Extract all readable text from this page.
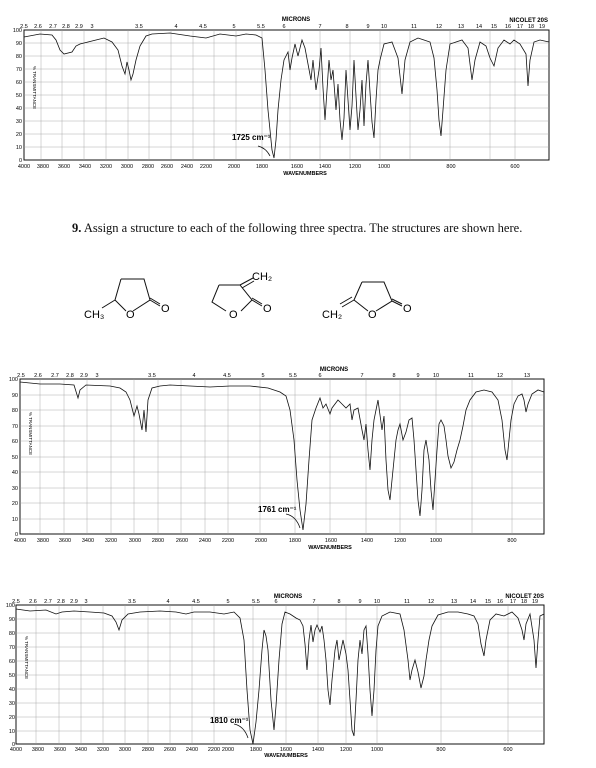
MICRONS	NICOLET 20S
2.5 2.6 2.7 2.8 2.9 3	3.5	4	4.5	5	5.5	6	7	8	9 10	11	12	13 14 15 16 17 18 19
100
90
80
70
60
50
40
30
20
10
0
% TRANSMITTANCE
4000 3800 3600 3400 3200 3000 2800 2600 2400 2200	2000	1800	1600	1400	1200	1000	800	600
WAVENUMBERS
1725 cm⁻¹
9. Assign a structure to each of the following three spectra. The structures are shown here.
CH₃ O O
CH₂
O O	CH₂ O O
MICRONS
2.5 2.6 2.7 2.8 2.9 3	3.5	4	4.5	5	5.5	6	7	8	9 10	11	12	13
100
90
80
70
60
50
40
30
20
10
0
% TRANSMITTANCE
4000 3800 3600 3400 3200 3000 2800 2600 2400 2200	2000	1800	1600	1400	1200	1000	800
WAVENUMBERS
1761 cm⁻¹
MICRONS	NICOLET 20S
2.5 2.6 2.7 2.8 2.9 3	3.5	4	4.5	5	5.5	6	7	8	9 10	11	12	13 14 15 16 17 18 19
100
90
80
70
60
50
40
30
20
10
0
% TRANSMITTANCE
4000 3800 3600 3400 3200 3000 2800 2600 2400 2200 2000	1800	1600	1400	1200	1000	800	600
WAVENUMBERS
1810 cm⁻¹
